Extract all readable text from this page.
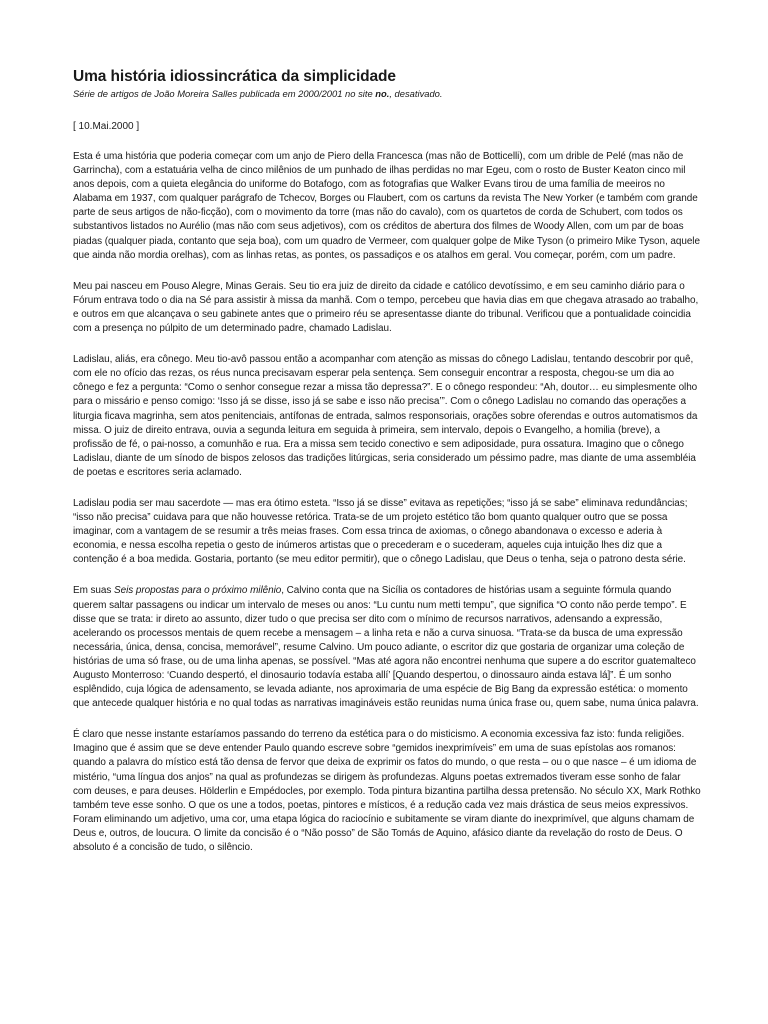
Uma história idiossincrática da simplicidade

Série de artigos de João Moreira Salles publicada em 2000/2001 no site no., desativado.

[ 10.Mai.2000 ]

Esta é uma história que poderia começar com um anjo de Piero della Francesca (mas não de Botticelli), com um drible de Pelé (mas não de Garrincha), com a estatuária velha de cinco milênios de um punhado de ilhas perdidas no mar Egeu, com o rosto de Buster Keaton cinco mil anos depois, com a quieta elegância do uniforme do Botafogo, com as fotografias que Walker Evans tirou de uma família de meeiros no Alabama em 1937, com qualquer parágrafo de Tchecov, Borges ou Flaubert, com os cartuns da revista The New Yorker (e também com grande parte de seus artigos de não-ficção), com o movimento da torre (mas não do cavalo), com os quartetos de corda de Schubert, com todos os substantivos listados no Aurélio (mas não com seus adjetivos), com os créditos de abertura dos filmes de Woody Allen, com um par de boas piadas (qualquer piada, contanto que seja boa), com um quadro de Vermeer, com qualquer golpe de Mike Tyson (o primeiro Mike Tyson, aquele que ainda não mordia orelhas), com as linhas retas, as pontes, os passadiços e os atalhos em geral. Vou começar, porém, com um padre.

Meu pai nasceu em Pouso Alegre, Minas Gerais. Seu tio era juiz de direito da cidade e católico devotíssimo, e em seu caminho diário para o Fórum entrava todo o dia na Sé para assistir à missa da manhã. Com o tempo, percebeu que havia dias em que chegava atrasado ao trabalho, e outros em que alcançava o seu gabinete antes que o primeiro réu se apresentasse diante do tribunal. Verificou que a pontualidade coincidia com a presença no púlpito de um determinado padre, chamado Ladislau.

Ladislau, aliás, era cônego. Meu tio-avô passou então a acompanhar com atenção as missas do cônego Ladislau, tentando descobrir por quê, com ele no ofício das rezas, os réus nunca precisavam esperar pela sentença. Sem conseguir encontrar a resposta, chegou-se um dia ao cônego e fez a pergunta: “Como o senhor consegue rezar a missa tão depressa?”. E o cônego respondeu: “Ah, doutor… eu simplesmente olho para o missário e penso comigo: ‘Isso já se disse, isso já se sabe e isso não precisa’”. Com o cônego Ladislau no comando das operações a liturgia ficava magrinha, sem atos penitenciais, antífonas de entrada, salmos responsoriais, orações sobre oferendas e outros automatismos da missa. O juiz de direito entrava, ouvia a segunda leitura em seguida à primeira, sem intervalo, depois o Evangelho, a homilia (breve), a profissão de fé, o pai-nosso, a comunhão e rua. Era a missa sem tecido conectivo e sem adiposidade, pura ossatura. Imagino que o cônego Ladislau, diante de um sínodo de bispos zelosos das tradições litúrgicas, seria considerado um péssimo padre, mas diante de uma assembléia de poetas e escritores seria aclamado.

Ladislau podia ser mau sacerdote — mas era ótimo esteta. “Isso já se disse” evitava as repetições; “isso já se sabe” eliminava redundâncias; “isso não precisa” cuidava para que não houvesse retórica. Trata-se de um projeto estético tão bom quanto qualquer outro que se possa imaginar, com a vantagem de se resumir a três meias frases. Com essa trinca de axiomas, o cônego abandonava o excesso e aderia à economia, e nessa escolha repetia o gesto de inúmeros artistas que o precederam e o sucederam, aqueles cuja intuição lhes diz que a contenção é a boa medida. Gostaria, portanto (se meu editor permitir), que o cônego Ladislau, que Deus o tenha, seja o patrono desta série.

Em suas Seis propostas para o próximo milênio, Calvino conta que na Sicília os contadores de histórias usam a seguinte fórmula quando querem saltar passagens ou indicar um intervalo de meses ou anos: “Lu cuntu num metti tempu”, que significa “O conto não perde tempo”. E disse que se trata: ir direto ao assunto, dizer tudo o que precisa ser dito com o mínimo de recursos narrativos, adensando a expressão, acelerando os processos mentais de quem recebe a mensagem – a linha reta e não a curva sinuosa. “Trata-se da busca de uma expressão necessária, única, densa, concisa, memorável”, resume Calvino. Um pouco adiante, o escritor diz que gostaria de organizar uma coleção de histórias de uma só frase, ou de uma linha apenas, se possível. “Mas até agora não encontrei nenhuma que supere a do escritor guatemalteco Augusto Monterroso: ‘Cuando despertó, el dinosaurio todavía estaba allí’ [Quando despertou, o dinossauro ainda estava lá]”. É um sonho esplêndido, cuja lógica de adensamento, se levada adiante, nos aproximaria de uma espécie de Big Bang da expressão estética: o momento que antecede qualquer história e no qual todas as narrativas imagináveis estão reunidas numa única frase ou, quem sabe, numa única palavra.

É claro que nesse instante estaríamos passando do terreno da estética para o do misticismo. A economia excessiva faz isto: funda religiões. Imagino que é assim que se deve entender Paulo quando escreve sobre “gemidos inexprimíveis” em uma de suas epístolas aos romanos: quando a palavra do místico está tão densa de fervor que deixa de exprimir os fatos do mundo, o que resta – ou o que nasce – é um idioma de mistério, “uma língua dos anjos” na qual as profundezas se dirigem às profundezas. Alguns poetas extremados tiveram esse sonho de falar com deuses, e para deuses. Hölderlin e Empédocles, por exemplo. Toda pintura bizantina partilha dessa pretensão. No século XX, Mark Rothko também teve esse sonho. O que os une a todos, poetas, pintores e místicos, é a redução cada vez mais drástica de seus meios expressivos. Foram eliminando um adjetivo, uma cor, uma etapa lógica do raciocínio e subitamente se viram diante do inexprimível, que alguns chamam de Deus e, outros, de loucura. O limite da concisão é o “Não posso” de São Tomás de Aquino, afásico diante da revelação do rosto de Deus. O absoluto é a concisão de tudo, o silêncio.
